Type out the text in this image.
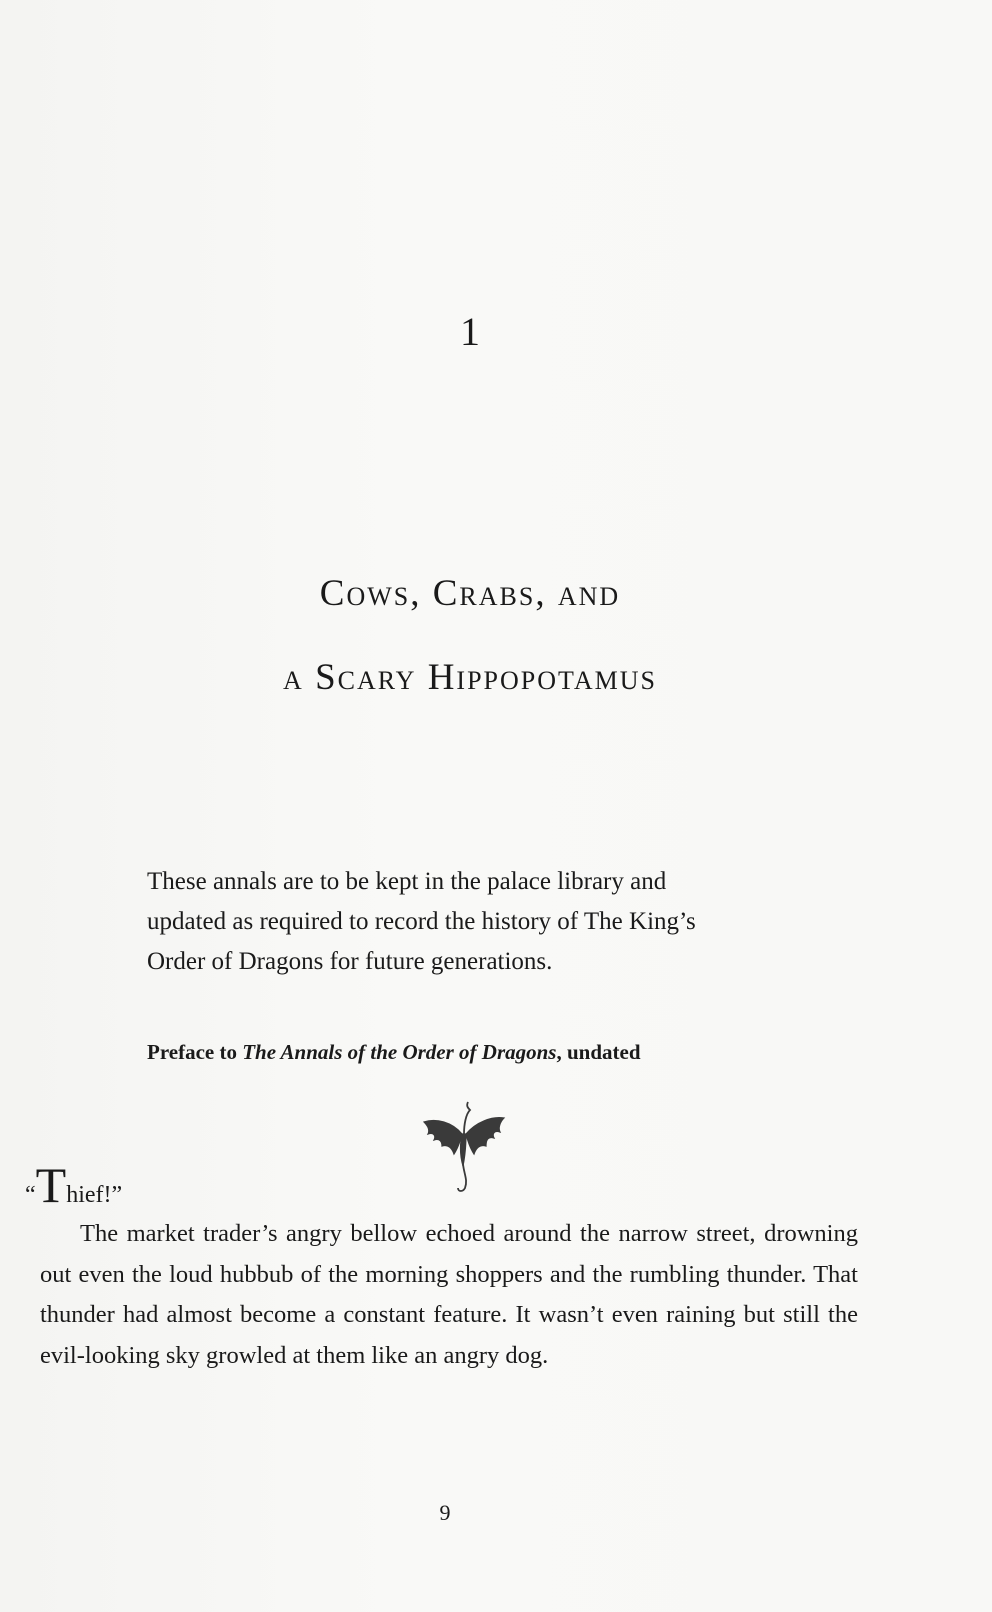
1
Cows, Crabs, and
a Scary Hippopotamus

These annals are to be kept in the palace library and updated as required to record the history of The King’s Order of Dragons for future generations.

Preface to The Annals of the Order of Dragons, undated

“Thief!”

The market trader’s angry bellow echoed around the narrow street, drowning out even the loud hubbub of the morning shoppers and the rumbling thunder. That thunder had almost become a constant feature. It wasn’t even raining but still the evil-looking sky growled at them like an angry dog.

9
